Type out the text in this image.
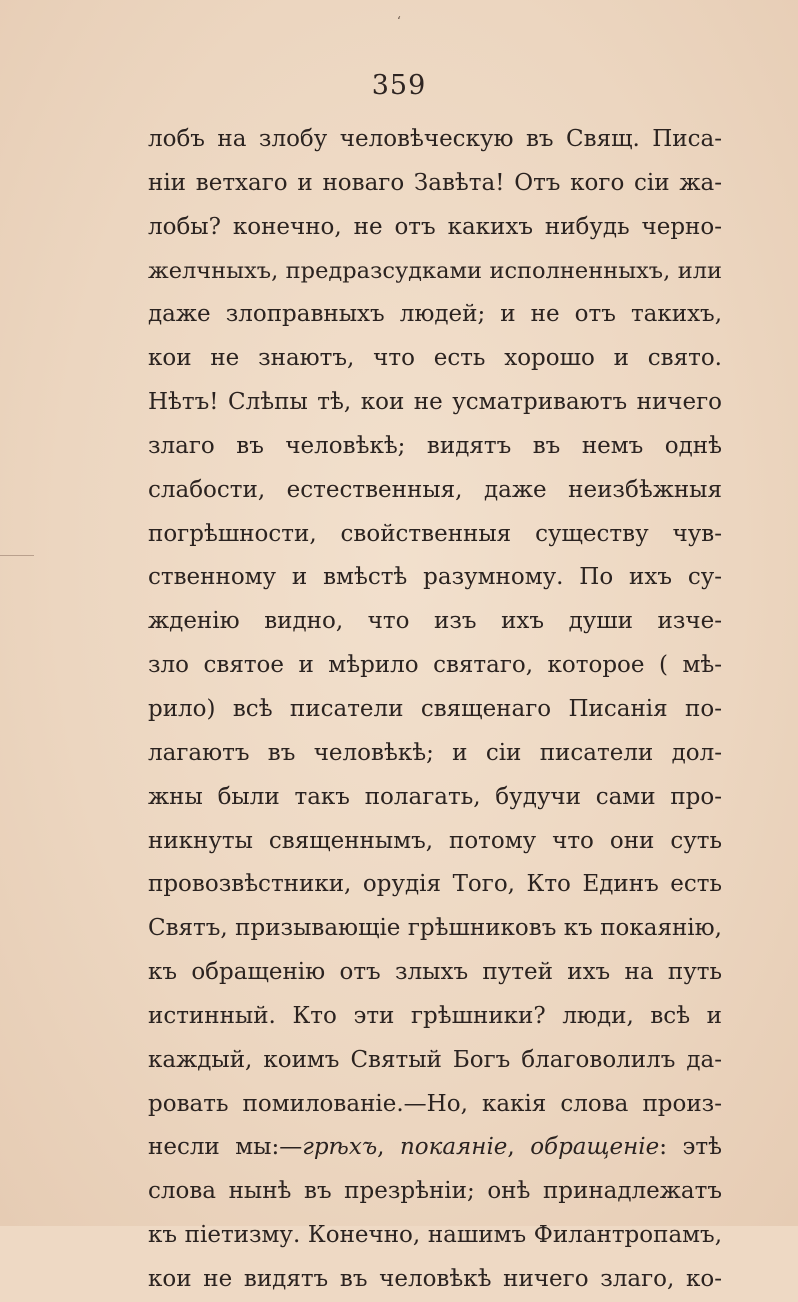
ʻ
359
лобъ на злобу человѣческую въ Свящ. Писа-
нiи ветхаго и новаго Завѣта! Отъ кого сiи жа-
лобы? конечно, не отъ какихъ нибудь черно-
желчныхъ, предразсудками исполненныхъ, или
даже злоправныхъ людей; и не отъ такихъ,
кои не знаютъ, что есть хорошо и свято.
Нѣтъ! Слѣпы тѣ, кои не усматриваютъ ничего
злаго въ человѣкѣ; видятъ въ немъ однѣ
слабости, естественныя, даже неизбѣжныя
погрѣшности, свойственныя существу чув-
ственному и вмѣстѣ разумному. По ихъ су-
жденiю видно, что изъ ихъ души изче-
зло святое и мѣрило святаго, которое ( мѣ-
рило) всѣ писатели священаго Писанiя по-
лагаютъ въ человѣкѣ; и сiи писатели дол-
жны были такъ полагать, будучи сами про-
никнуты священнымъ, потому что они суть
провозвѣстники, орудiя Того, Кто Единъ есть
Святъ, призывающiе грѣшниковъ къ покаянiю,
къ обращенiю отъ злыхъ путей ихъ на путь
истинный. Кто эти грѣшники? люди, всѣ и
каждый, коимъ Святый Богъ благоволилъ да-
ровать помилованiе.—Но, какiя слова произ-
несли мы:—грѣхъ, покаянiе, обращенiе: этѣ
слова нынѣ въ презрѣнiи; онѣ принадлежатъ
къ пiетизму. Конечно, нашимъ Филантропамъ,
кои не видятъ въ человѣкѣ ничего злаго, ко-
